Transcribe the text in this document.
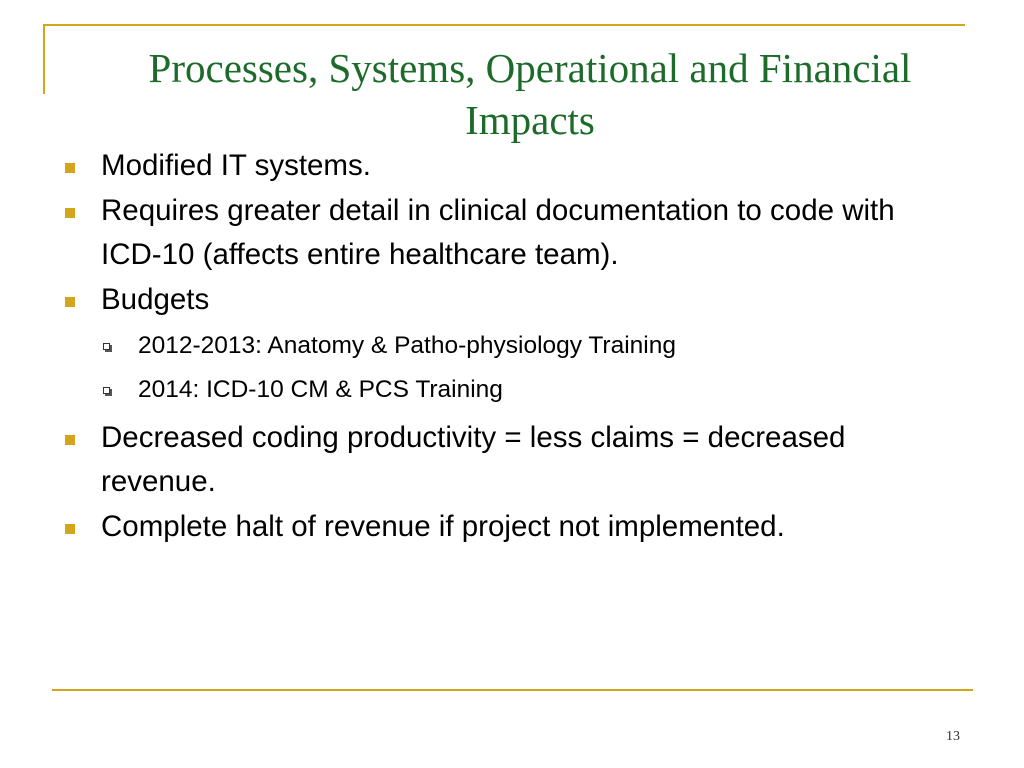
Processes, Systems, Operational and Financial Impacts
Modified IT systems.
Requires greater detail in clinical documentation to code with ICD-10 (affects entire healthcare team).
Budgets
2012-2013: Anatomy & Patho-physiology Training
2014: ICD-10 CM & PCS Training
Decreased coding productivity = less claims = decreased revenue.
Complete halt of revenue if project not implemented.
13
